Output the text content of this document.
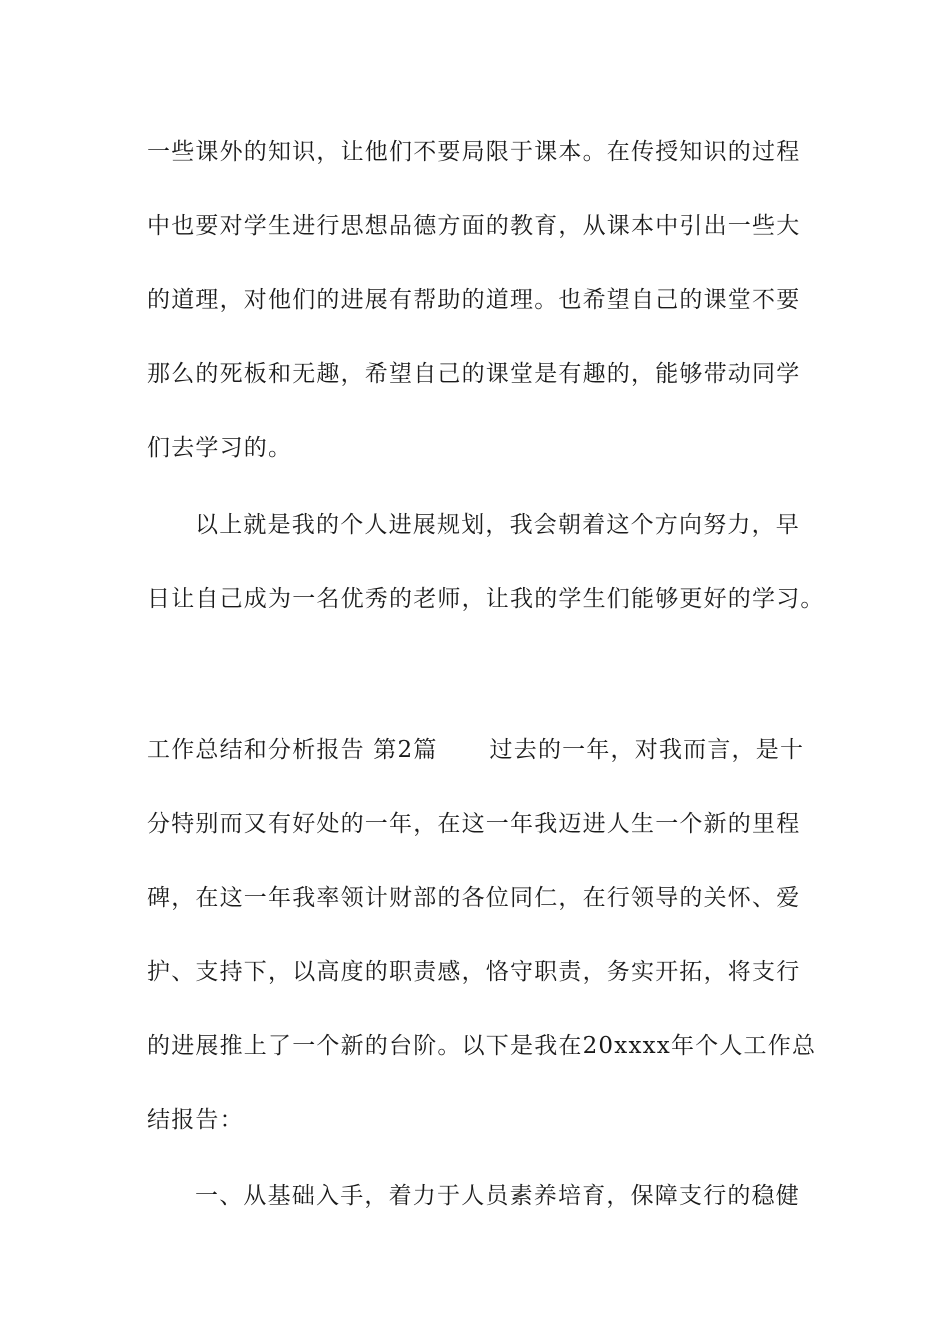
一些课外的知识，让他们不要局限于课本。在传授知识的过程
中也要对学生进行思想品德方面的教育，从课本中引出一些大
的道理，对他们的进展有帮助的道理。也希望自己的课堂不要
那么的死板和无趣，希望自己的课堂是有趣的，能够带动同学
们去学习的。
以上就是我的个人进展规划，我会朝着这个方向努力，早
日让自己成为一名优秀的老师，让我的学生们能够更好的学习。
工作总结和分析报告 第2篇 过去的一年，对我而言，是十
分特别而又有好处的一年，在这一年我迈进人生一个新的里程
碑，在这一年我率领计财部的各位同仁，在行领导的关怀、爱
护、支持下，以高度的职责感，恪守职责，务实开拓，将支行
的进展推上了一个新的台阶。以下是我在20xxxx年个人工作总
结报告：
一、从基础入手，着力于人员素养培育，保障支行的稳健
